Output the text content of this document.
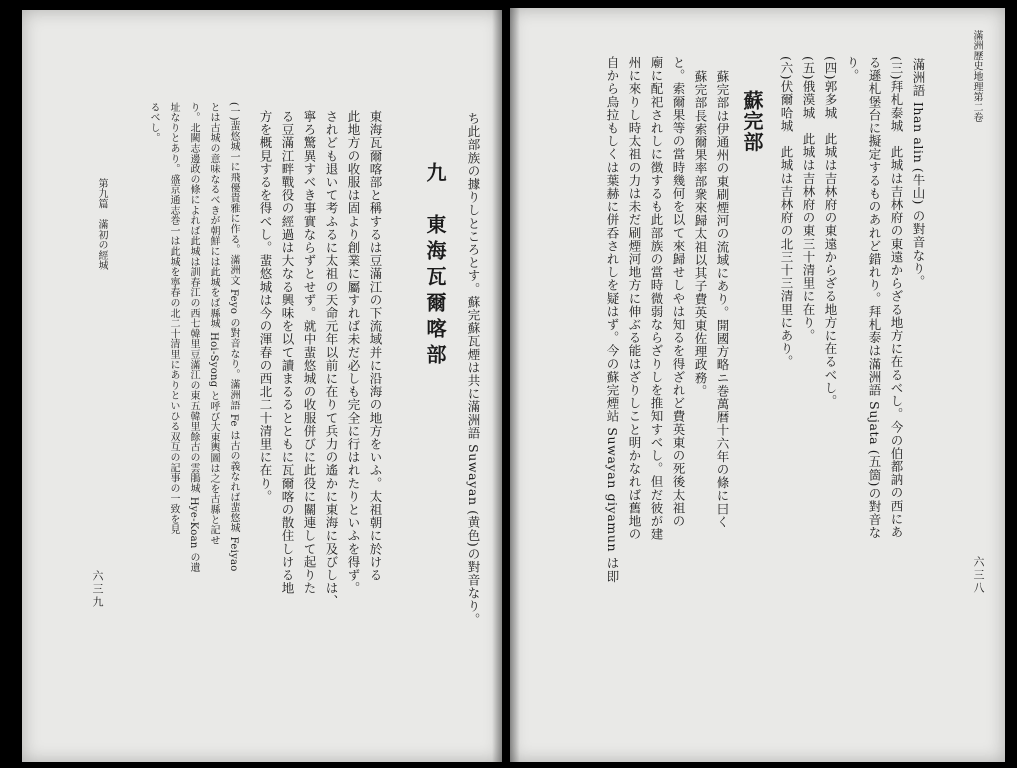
六三八
滿洲歷史地理第二卷
滿洲語 Ihan alin (牛山) の對音なり。
(三)拜札泰城　此城は吉林府の東遠からざる地方に在るべし。今の伯都訥の西にあ
る遜札堡台に擬定するものあれど錯れり。拜札泰は滿洲語 Sujata (五箇)の對音な
り。
(四)郭多城　此城は吉林府の東遠からざる地方に在るべし。
(五)俄漠城　此城は吉林府の東三十清里に在り。
(六)伏爾哈城　此城は吉林府の北三十三清里にあり。
蘇完部
蘇完部は伊通州の東刷煙河の流域にあり。開國方略ニ巻萬暦十六年の條に曰く
蘇完部長索爾果率部衆來歸太祖以其子費英東佐理政務。
と。索爾果等の當時幾何を以て來歸せしやは知るを得ざれど費英東の死後太祖の
廟に配祀されしに徴するも此部族の當時微弱ならざりしを推知すべし。但だ彼が建
州に來りし時太祖の力は未だ刷煙河地方に伸ぶる能はざりしこと明かなれば舊地の
自から烏拉もしくは葉赫に併呑されしを疑はず。今の蘇完煙站 Suwayan giyamun は即
ち此部族の據りしところとす。蘇完蘇瓦煙は共に滿洲語 Suwayan (黄色)の對音なり。
九　東海瓦爾喀部
東海瓦爾喀部と稱するは豆滿江の下流域并に沿海の地方をいふ。太祖朝に於ける
此地方の收服は固より創業に屬すれば未だ必しも完全に行はれたりといふを得ず。
されども退いて考ふるに太祖の天命元年以前に在りて兵力の遙かに東海に及びしは、
寧ろ驚異すべき事實ならずとせず。就中蜚悠城の收服併びに此役に關連して起りた
る豆滿江畔戰役の經過は大なる興味を以て讀まるるとともに瓦爾喀の散住しける地
方を概見するを得べし。蜚悠城は今の渾春の西北二十清里に在り。
(一)蜚悠城一に飛優貴雅に作る。滿洲文 Feyo の對音なり。滿洲語 Fe は古の義なれば蜚悠城 Feiyao
とは古城の意味なるべきが朝鮮には此城をば縣城 Hoi-Syong と呼び大東輿圖は之を古縣と記せ
り。北闕志邊政の條によれば此城は訓春江の西七韓里豆滿江の東五韓里餘古の雲鵑城 Hye-Koan の遺
址なりとあり。盛京通志巻一は此城を寧春の北二十清里にありといひる双互の記事の一致を見
るべし。
第九篇　滿初の經城
六三九
